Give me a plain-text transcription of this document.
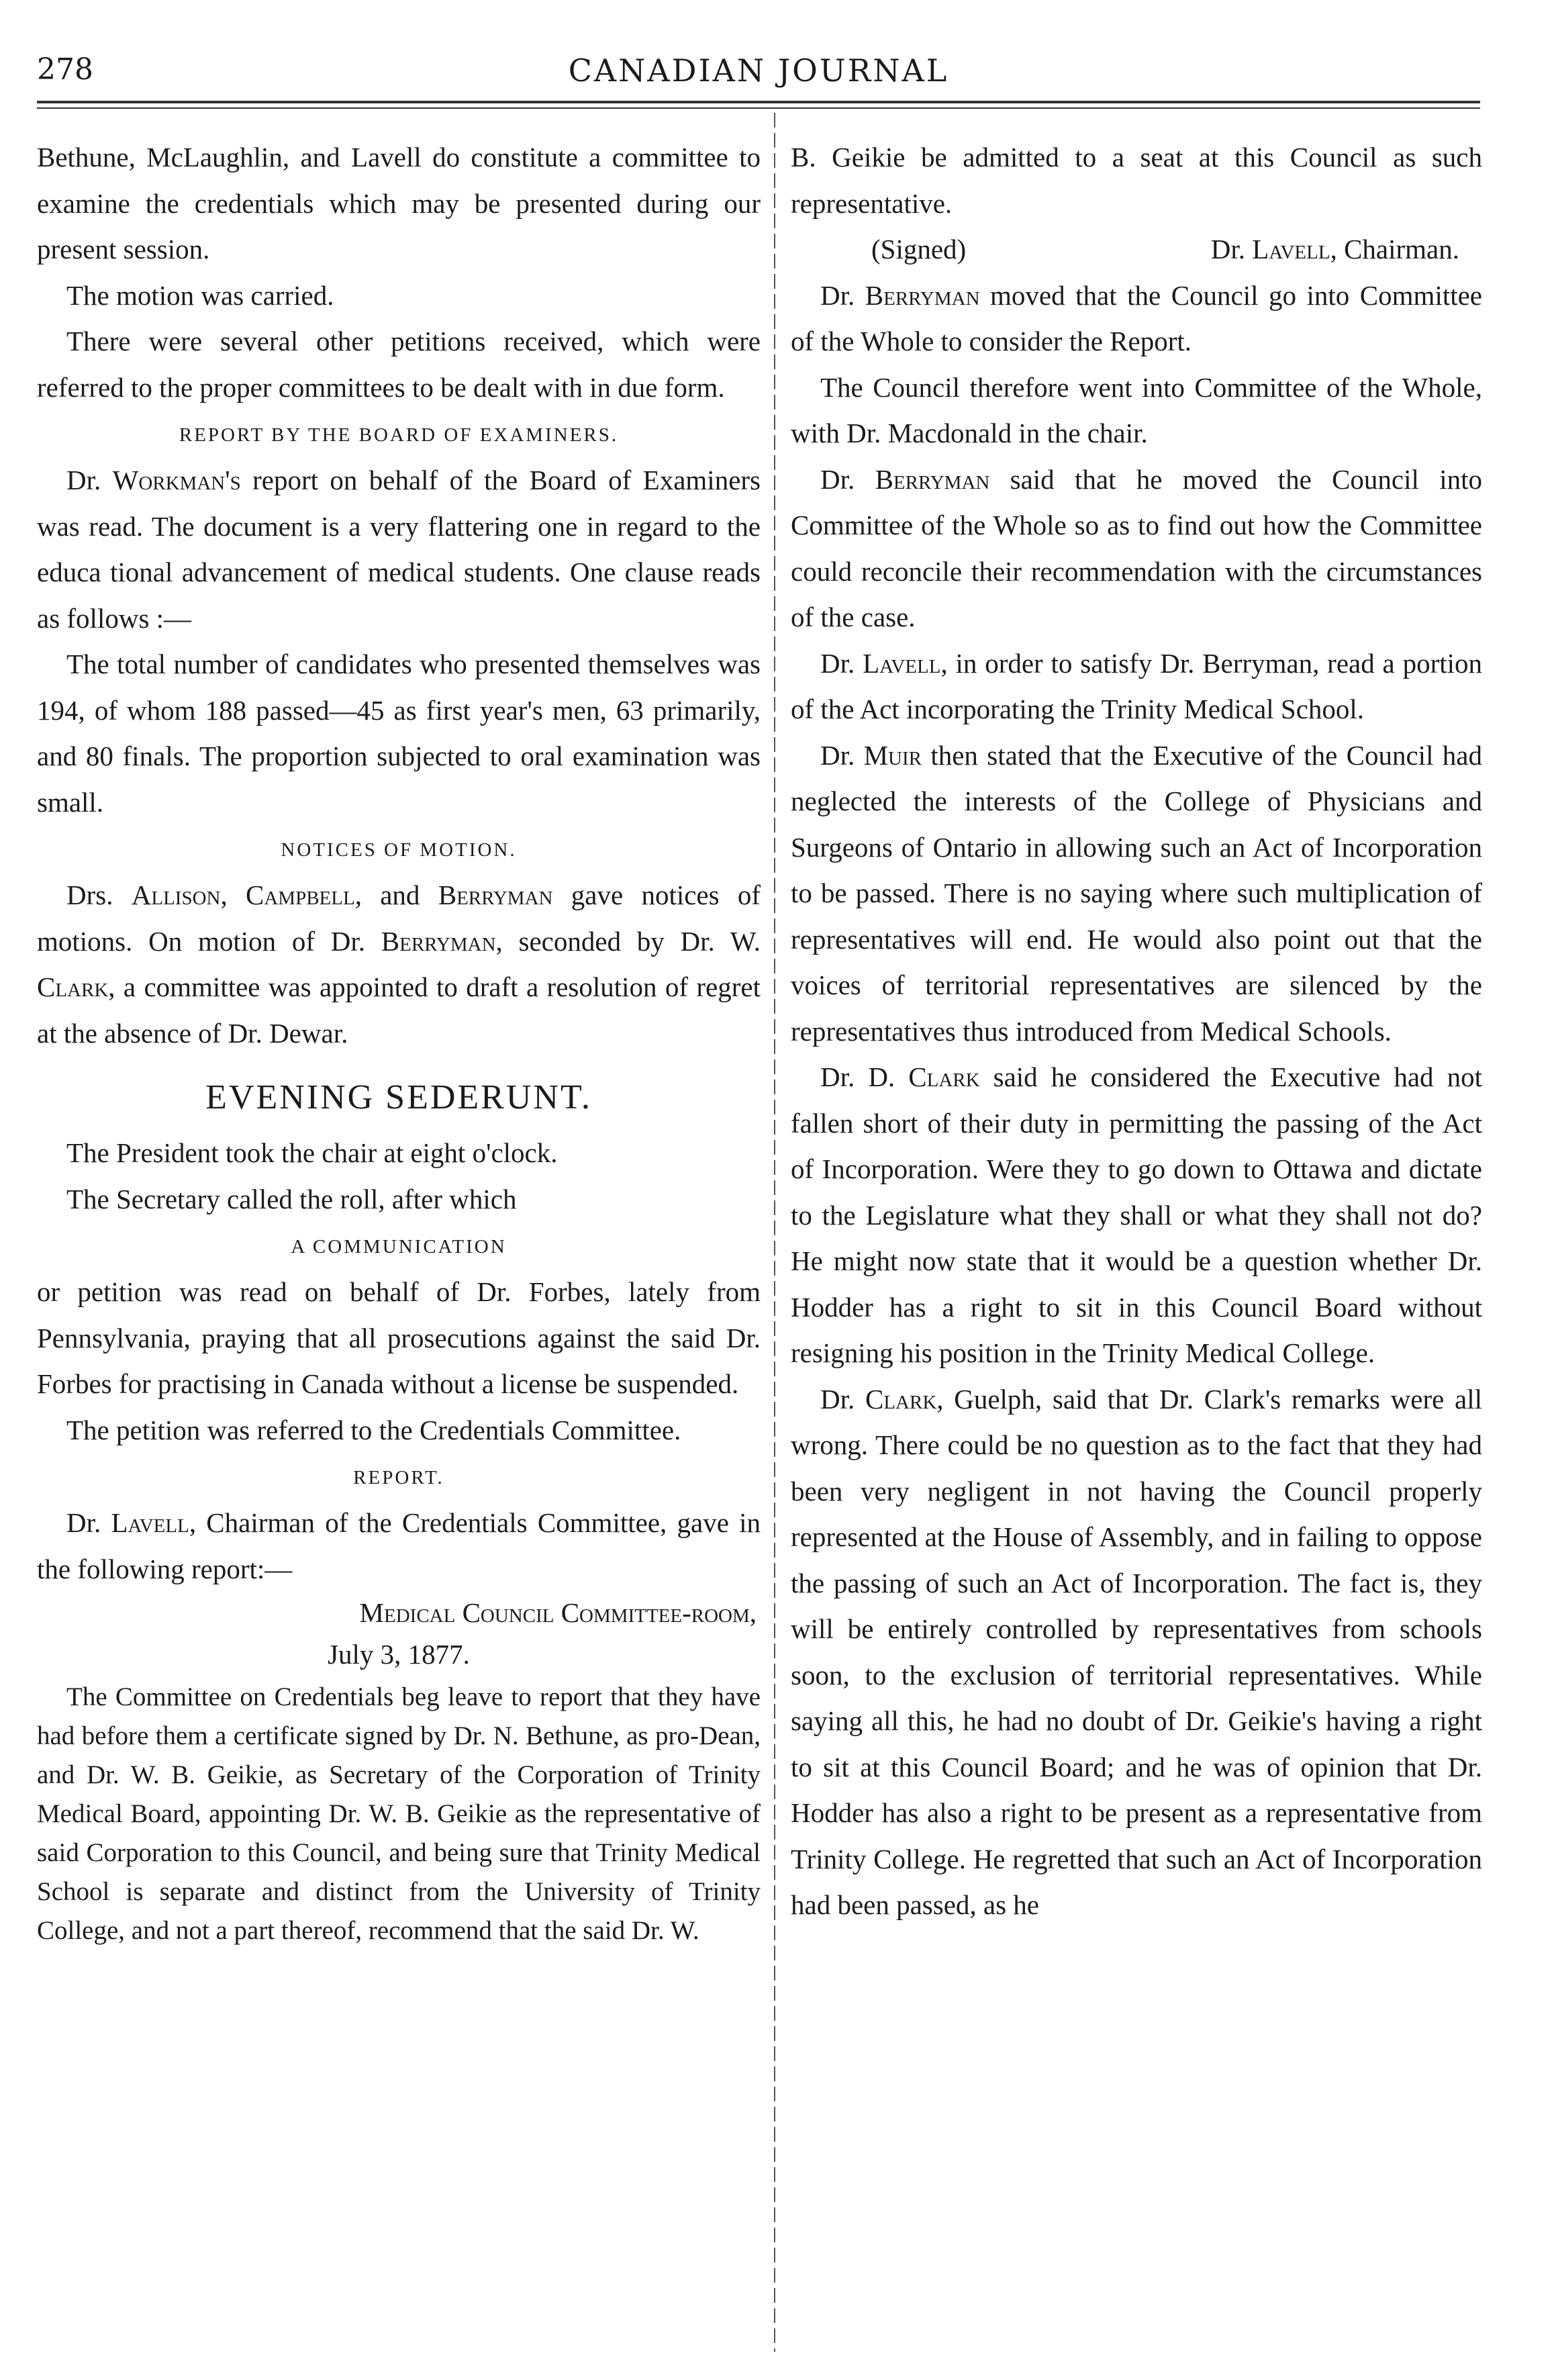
278	CANADIAN JOURNAL

Bethune, McLaughlin, and Lavell do constitute a committee to examine the credentials which may be presented during our present session.

The motion was carried.

There were several other petitions received, which were referred to the proper committees to be dealt with in due form.

REPORT BY THE BOARD OF EXAMINERS.

Dr. Workman's report on behalf of the Board of Examiners was read. The document is a very flattering one in regard to the educa tional advancement of medical students. One clause reads as follows :—

The total number of candidates who presented themselves was 194, of whom 188 passed—45 as first year's men, 63 primarily, and 80 finals. The proportion subjected to oral examination was small.

NOTICES OF MOTION.

Drs. Allison, Campbell, and Berryman gave notices of motions. On motion of Dr. Berryman, seconded by Dr. W. Clark, a committee was appointed to draft a resolution of regret at the absence of Dr. Dewar.

EVENING SEDERUNT.

The President took the chair at eight o'clock.

The Secretary called the roll, after which

A COMMUNICATION

or petition was read on behalf of Dr. Forbes, lately from Pennsylvania, praying that all prosecutions against the said Dr. Forbes for practising in Canada without a license be suspended.

The petition was referred to the Credentials Committee.

REPORT.

Dr. Lavell, Chairman of the Credentials Committee, gave in the following report:—

Medical Council Committee-room,
July 3, 1877.

The Committee on Credentials beg leave to report that they have had before them a certificate signed by Dr. N. Bethune, as pro-Dean, and Dr. W. B. Geikie, as Secretary of the Corporation of Trinity Medical Board, appointing Dr. W. B. Geikie as the representative of said Corporation to this Council, and being sure that Trinity Medical School is separate and distinct from the University of Trinity College, and not a part thereof, recommend that the said Dr. W.

B. Geikie be admitted to a seat at this Council as such representative.

(Signed)	Dr. Lavell, Chairman.

Dr. Berryman moved that the Council go into Committee of the Whole to consider the Report.

The Council therefore went into Committee of the Whole, with Dr. Macdonald in the chair.

Dr. Berryman said that he moved the Council into Committee of the Whole so as to find out how the Committee could reconcile their recommendation with the circumstances of the case.

Dr. Lavell, in order to satisfy Dr. Berryman, read a portion of the Act incorporating the Trinity Medical School.

Dr. Muir then stated that the Executive of the Council had neglected the interests of the College of Physicians and Surgeons of Ontario in allowing such an Act of Incorporation to be passed. There is no saying where such multiplication of representatives will end. He would also point out that the voices of territorial representatives are silenced by the representatives thus introduced from Medical Schools.

Dr. D. Clark said he considered the Executive had not fallen short of their duty in permitting the passing of the Act of Incorporation. Were they to go down to Ottawa and dictate to the Legislature what they shall or what they shall not do? He might now state that it would be a question whether Dr. Hodder has a right to sit in this Council Board without resigning his position in the Trinity Medical College.

Dr. Clark, Guelph, said that Dr. Clark's remarks were all wrong. There could be no question as to the fact that they had been very negligent in not having the Council properly represented at the House of Assembly, and in failing to oppose the passing of such an Act of Incorporation. The fact is, they will be entirely controlled by representatives from schools soon, to the exclusion of territorial representatives. While saying all this, he had no doubt of Dr. Geikie's having a right to sit at this Council Board; and he was of opinion that Dr. Hodder has also a right to be present as a representative from Trinity College. He regretted that such an Act of Incorporation had been passed, as he
